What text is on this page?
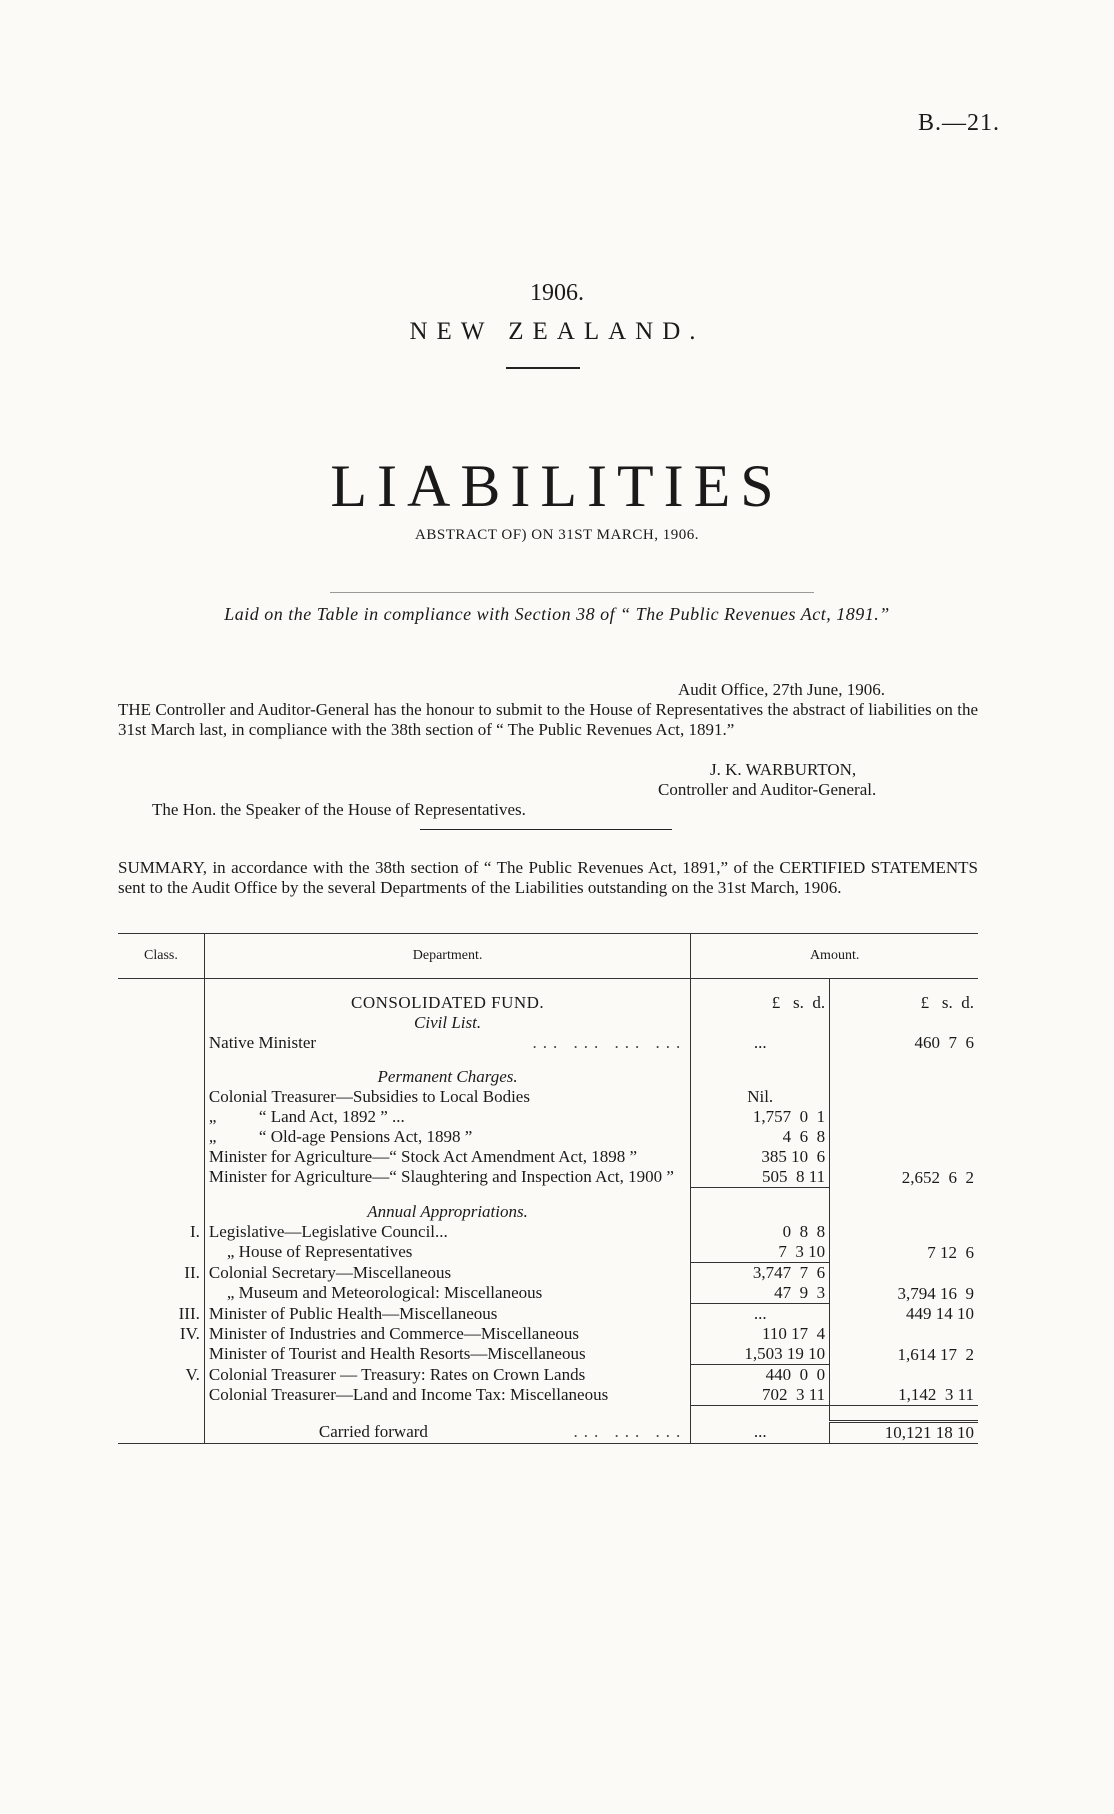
B.—21.
1906.
NEW ZEALAND.
LIABILITIES
ABSTRACT OF) ON 31ST MARCH, 1906.
Laid on the Table in compliance with Section 38 of “ The Public Revenues Act, 1891.”
Audit Office, 27th June, 1906.
THE Controller and Auditor-General has the honour to submit to the House of Representatives the abstract of liabilities on the 31st March last, in compliance with the 38th section of “ The Public Revenues Act, 1891.”
J. K. WARBURTON,
Controller and Auditor-General.
The Hon. the Speaker of the House of Representatives.
SUMMARY, in accordance with the 38th section of “ The Public Revenues Act, 1891,” of the CERTIFIED STATEMENTS sent to the Audit Office by the several Departments of the Liabilities outstanding on the 31st March, 1906.
Class.	Department.	Amount.	

	CONSOLIDATED FUND.	£ s. d.	£ s. d.
	Civil List.		

	Native Minister ... ... ... ...	...	460  7  6

	Permanent Charges.		
	Colonial Treasurer—Subsidies to Local Bodies	Nil.	
	„          “ Land Act, 1892 ” ...	1,757  0  1	
	„          “ Old-age Pensions Act, 1898 ”	4  6  8	
	Minister for Agriculture—“ Stock Act Amendment Act, 1898 ”	385 10  6	
	Minister for Agriculture—“ Slaughtering and Inspection Act, 1900 ”	505  8 11	2,652  6  2

	Annual Appropriations.		
I.	Legislative—Legislative Council...	0  8  8	
	„ House of Representatives	7  3 10	7 12  6
II.	Colonial Secretary—Miscellaneous	3,747  7  6	
	„ Museum and Meteorological: Miscellaneous	47  9  3	3,794 16  9
III.	Minister of Public Health—Miscellaneous	...	449 14 10
IV.	Minister of Industries and Commerce—Miscellaneous	110 17  4	
	Minister of Tourist and Health Resorts—Miscellaneous	1,503 19 10	1,614 17  2
V.	Colonial Treasurer — Treasury: Rates on Crown Lands	440  0  0	
	Colonial Treasurer—Land and Income Tax: Miscellaneous	702  3 11	1,142  3 11

	Carried forward ... ... ...	...	10,121 18 10
